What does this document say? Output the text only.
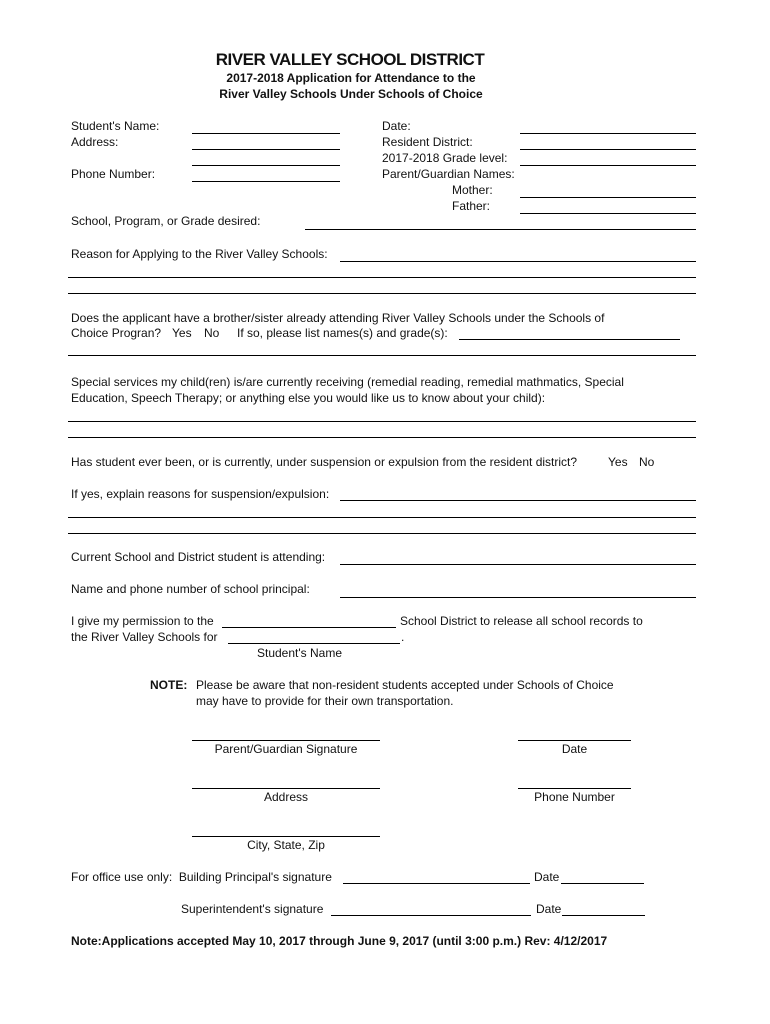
RIVER VALLEY SCHOOL DISTRICT
2017-2018 Application for Attendance to the
River Valley Schools Under Schools of Choice
Student's Name:
Address:
Phone Number:
Date:
Resident District:
2017-2018 Grade level:
Parent/Guardian Names:
Mother:
Father:
School, Program, or Grade desired:
Reason for Applying to the River Valley Schools:
Does the applicant have a brother/sister already attending River Valley Schools under the Schools of
Choice Progran? Yes No If so, please list names(s) and grade(s):
Special services my child(ren) is/are currently receiving (remedial reading, remedial mathmatics, Special
Education, Speech Therapy; or anything else you would like us to know about your child):
Has student ever been, or is currently, under suspension or expulsion from the resident district?	Yes No
If yes, explain reasons for suspension/expulsion:
Current School and District student is attending:
Name and phone number of school principal:
I give my permission to the	School District to release all school records to
the River Valley Schools for	.
Student's Name
NOTE: Please be aware that non-resident students accepted under Schools of Choice
may have to provide for their own transportation.
Parent/Guardian Signature	Date
Address	Phone Number
City, State, Zip
For office use only:  Building Principal's signature	Date
Superintendent's signature	Date
Note:Applications accepted May 10, 2017 through June 9, 2017 (until 3:00 p.m.) Rev: 4/12/2017
